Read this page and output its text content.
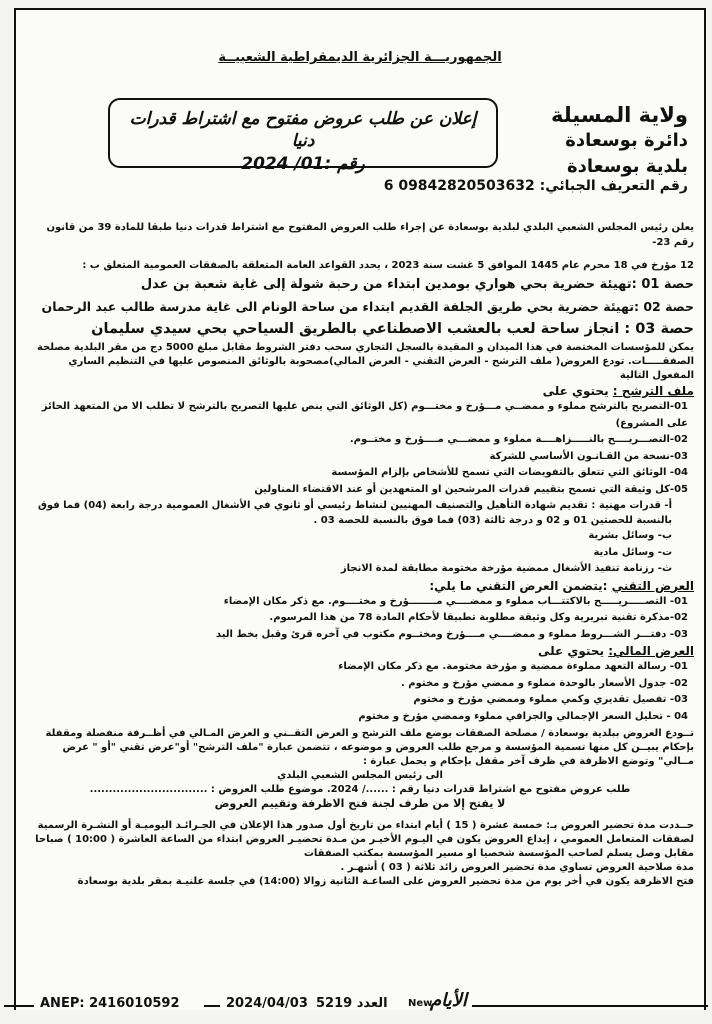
الجمهوريـــة الجزائرية الديمقراطية الشعبيــة
إعلان عن طلب عروض مفتوح مع اشتراط قدرات دنيا
رقم :01/ 2024
ولاية المسيلة
دائرة بوسعادة
بلدية بوسعادة
رقم التعريف الجبائي: 09842820503632 6

يعلن رئيس المجلس الشعبي البلدي لبلدية بوسعادة عن إجراء طلب العروض المفتوح مع اشتراط قدرات دنيا طبقا للمادة 39 من قانون رقم 23-

12 مؤرخ في 18 محرم عام 1445 الموافق 5 غشت سنة 2023 ، يحدد القواعد العامة المتعلقة بالصفقات العمومية المتعلق ب :

حصة 01 :تهيئة حضرية بحي هواري بومدين ابتداء من رحبة شولة إلى غاية شعبة بن عدل

حصة 02 :تهيئة حضرية بحي طريق الجلفة القديم ابتداء من ساحة الونام الى غاية مدرسة طالب عبد الرحمان

حصة 03 : انجاز ساحة لعب بالعشب الاصطناعي بالطريق السياحي بحي سيدي سليمان

يمكن للمؤسسات المختصة في هذا الميدان و المقيدة بالسجل التجاري سحب دفتر الشروط مقابل مبلغ 5000 دج من مقر البلدية مصلحة الصفقـــــات. تودع العروض( ملف الترشح - العرض التقني - العرض المالي)مصحوبة بالوثائق المنصوص عليها في التنظيم الساري المفعول التالية

ملف الترشح : يحتوي على

01-التصريح بالترشح مملوء و ممضــي مـــؤرخ و مختـــوم (كل الوثائق التي ينص عليها التصريح بالترشح لا تطلب الا من المتعهد الحائز على المشروع)

02-التصـــريــــح بالنـــــزاهــــة مملوء و ممضـــي مــــؤرخ و مختــوم.

03-نسخة من القـانـون الأساسي للشركة

04- الوثائق التي تتعلق بالتفويضات التي تسمح للأشخاص بإلزام المؤسسة

05-كل وثيقة التي تسمح بتقييم قدرات المرشحين او المتعهدين أو عند الاقتضاء المناولين

أ- قدرات مهنية : تقديم شهادة التأهيل والتصنيف المهنيين لنشاط رئيسي أو ثانوي في الأشغال العمومية درجة رابعة (04) فما فوق بالنسبة للحصتين 01 و 02 و درجة ثالثة (03) فما فوق بالنسبة للحصة 03 .

ب- وسائل بشرية

ت- وسائل مادية

ث- رزنامة تنفيذ الأشغال ممضية مؤرخة مختومة مطابقة لمدة الانجاز

العرض التقني :يتضمن العرض التقني ما يلي:

01- التصـــــريـــــح بالاكتتـــاب مملوء و ممضــــي مــــــــؤرخ و مختــــوم. مع ذكر مكان الإمضاء

02-مذكرة تقنية تبريرية وكل وثيقة مطلوبة تطبيقا لأحكام المادة 78 من هذا المرسوم.

03- دفتـــر الشـــروط مملوء و ممضــــي مــــؤرخ ومختــوم مكتوب في آخره قرئ وقبل بخط اليد

العرض المالي: يحتوي على

01- رسالة التعهد مملوءة ممضية و مؤرخة مختومة. مع ذكر مكان الإمضاء

02- جدول الأسعار بالوحدة مملوء و ممضي مؤرخ و مختوم .

03- تفصيل تقديري وكمي مملوء وممضي مؤرخ و مختوم

04 - تحليل السعر الإجمالي والجزافي مملوء وممضي مؤرخ و مختوم

تــودع العروض ببلدية بوسعادة / مصلحة الصفقات بوضع ملف الترشح و العرض التقــني و العرض المـالي في أظــرفة منفصلة ومقفلة بإحكام يبيــن كل منها تسمية المؤسسة و مرجع طلب العروض و موضوعه ، تتضمن عبارة "ملف الترشح" أو"عرض تقني "أو " عرض مــالي" وتوضع الاظرفة في ظرف آخر مقفل بإحكام و يحمل عبارة :

الى رئيس المجلس الشعبي البلدي

طلب عروض مفتوح مع اشتراط قدرات دنيا رقم : ....../ 2024. موضوع طلب العروض : ...............................

لا يفتح إلا من طرف لجنة فتح الاظرفة وتقييم العروض

حــددت مدة تحضير العروض بـ: خمسة عشرة ( 15 ) أيام ابتداء من تاريخ أول صدور هذا الإعلان في الجـرائـد اليوميـة أو النشـرة الرسمية لصفقات المتعامل العمومي ، إيداع العروض يكون في اليـوم الأخيـر من مـدة تحضيـر العروض ابتداء من الساعة العاشرة ( 10:00 ) صباحا مقابل وصل يسلم لصاحب المؤسسة شخصيا او مسير المؤسسة بمكتب الصفقات

مدة صلاحية العروض تساوي مدة تحضير العروض زائد ثلاثة ( 03 ) أشهـر .

فتح الاظرفة يكون في أخر يوم من مدة تحضير العروض على الساعـة الثانية زوالا (14:00) في جلسة علنيـة بمقر بلدية بوسعادة

ANEP: 2416010592	2024/04/03 العدد 5219 New
الأيام
